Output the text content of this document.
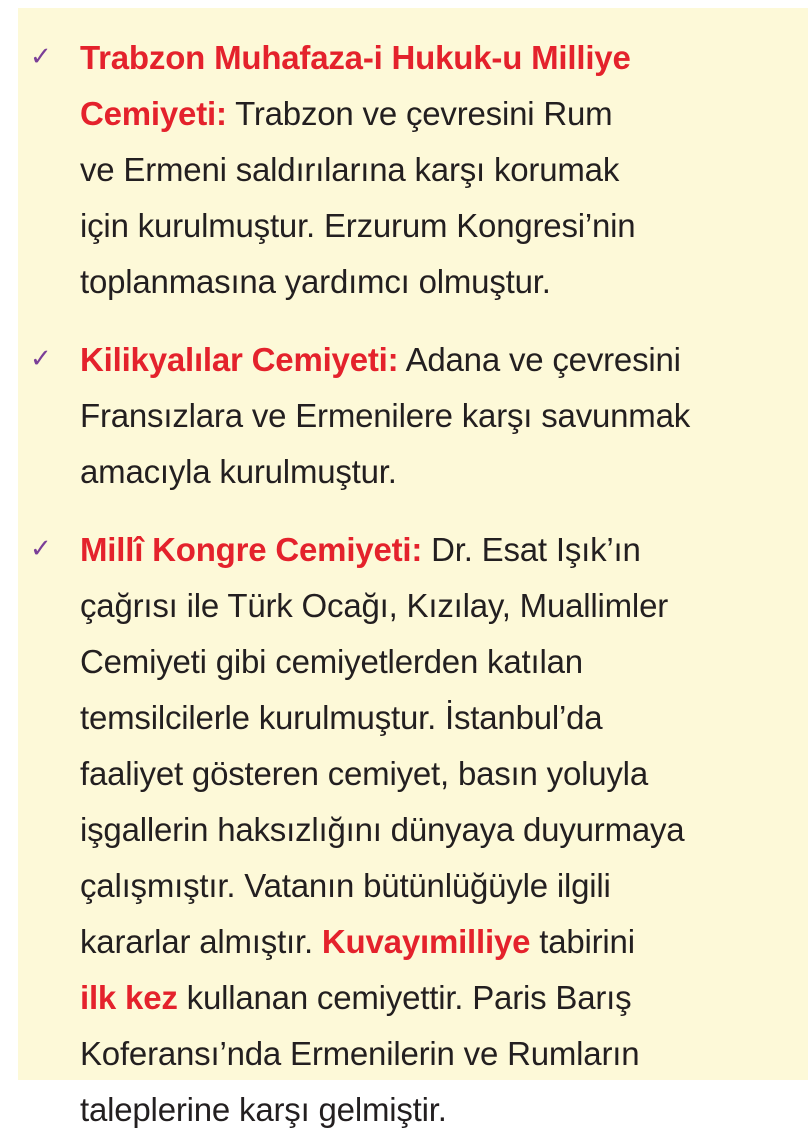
✓ Trabzon Muhafaza-i Hukuk-u Milliye
Cemiyeti: Trabzon ve çevresini Rum
ve Ermeni saldırılarına karşı korumak
için kurulmuştur. Erzurum Kongresi’nin
toplanmasına yardımcı olmuştur.
✓ Kilikyalılar Cemiyeti: Adana ve çevresini
Fransızlara ve Ermenilere karşı savunmak
amacıyla kurulmuştur.
✓ Millî Kongre Cemiyeti: Dr. Esat Işık’ın
çağrısı ile Türk Ocağı, Kızılay, Muallimler
Cemiyeti gibi cemiyetlerden katılan
temsilcilerle kurulmuştur. İstanbul’da
faaliyet gösteren cemiyet, basın yoluyla
işgallerin haksızlığını dünyaya duyurmaya
çalışmıştır. Vatanın bütünlüğüyle ilgili
kararlar almıştır. Kuvayımilliye tabirini
ilk kez kullanan cemiyettir. Paris Barış
Koferansı’nda Ermenilerin ve Rumların
taleplerine karşı gelmiştir.
